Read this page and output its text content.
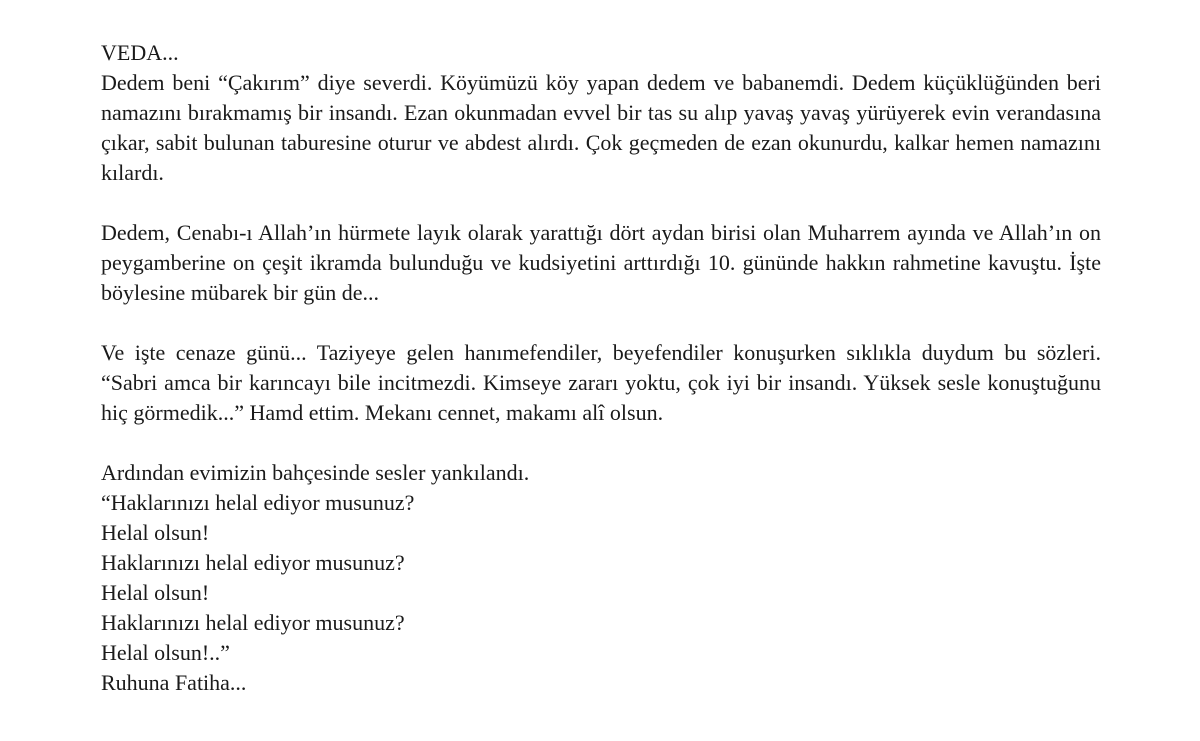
VEDA...

Dedem beni “Çakırım” diye severdi. Köyümüzü köy yapan dedem ve babanemdi. Dedem küçüklüğünden beri namazını bırakmamış bir insandı. Ezan okunmadan evvel bir tas su alıp yavaş yavaş yürüyerek evin verandasına çıkar, sabit bulunan taburesine oturur ve abdest alırdı. Çok geçmeden de ezan okunurdu, kalkar hemen namazını kılardı.

Dedem, Cenabı-ı Allah’ın hürmete layık olarak yarattığı dört aydan birisi olan Muharrem ayında ve Allah’ın on peygamberine on çeşit ikramda bulunduğu ve kudsiyetini arttırdığı 10. gününde hakkın rahmetine kavuştu. İşte böylesine mübarek bir gün de...

Ve işte cenaze günü... Taziyeye gelen hanımefendiler, beyefendiler konuşurken sıklıkla duydum bu sözleri. “Sabri amca bir karıncayı bile incitmezdi. Kimseye zararı yoktu, çok iyi bir insandı. Yüksek sesle konuştuğunu hiç görmedik...” Hamd ettim. Mekanı cennet, makamı alî olsun.

Ardından evimizin bahçesinde sesler yankılandı.
“Haklarınızı helal ediyor musunuz?
Helal olsun!
Haklarınızı helal ediyor musunuz?
Helal olsun!
Haklarınızı helal ediyor musunuz?
Helal olsun!..”
Ruhuna Fatiha...
